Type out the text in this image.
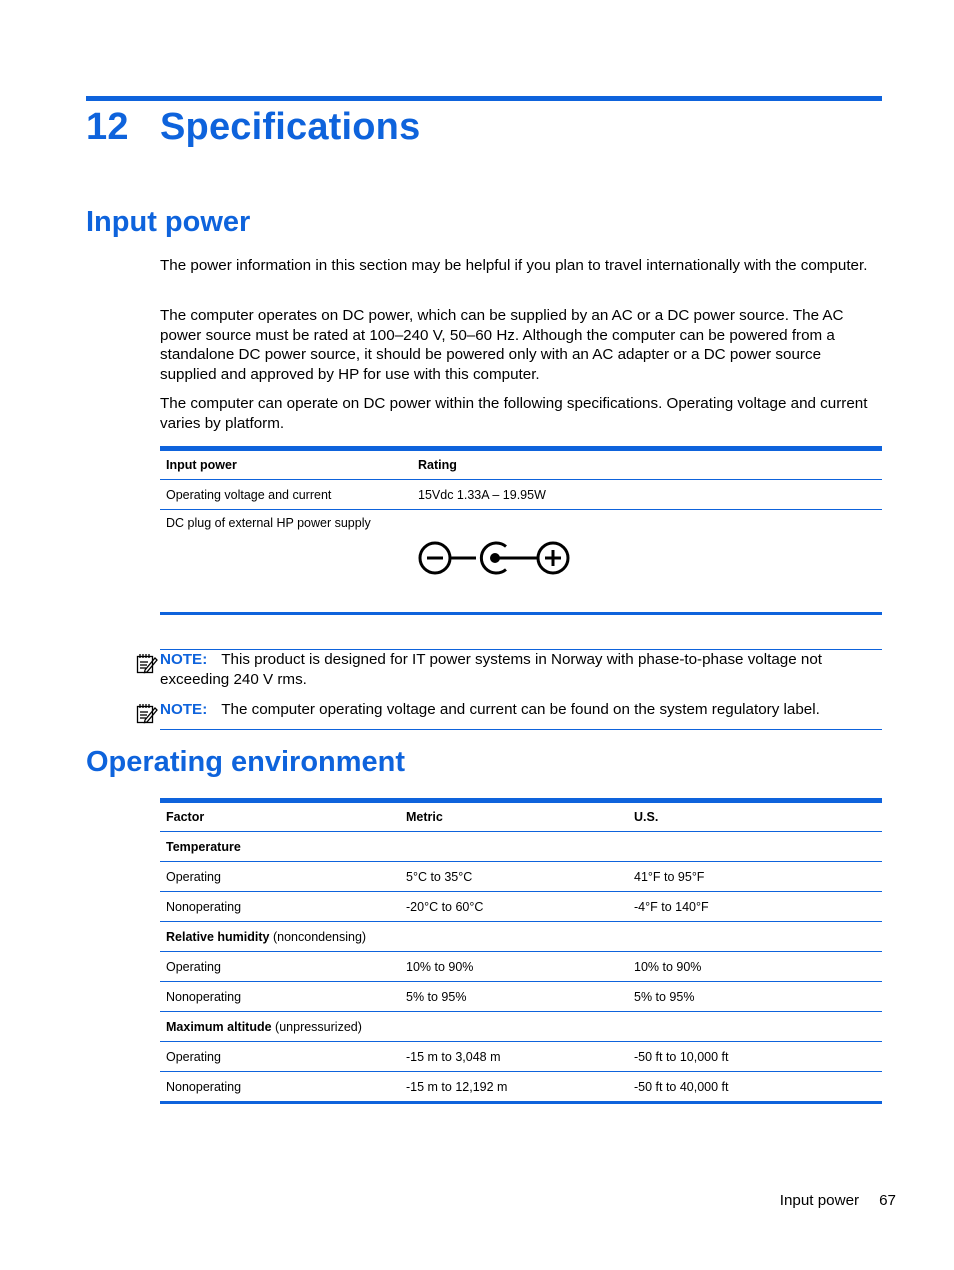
12 Specifications
Input power

The power information in this section may be helpful if you plan to travel internationally with the computer.

The computer operates on DC power, which can be supplied by an AC or a DC power source. The AC power source must be rated at 100–240 V, 50–60 Hz. Although the computer can be powered from a standalone DC power source, it should be powered only with an AC adapter or a DC power source supplied and approved by HP for use with this computer.

The computer can operate on DC power within the following specifications. Operating voltage and current varies by platform.

Input power	Rating
Operating voltage and current	15Vdc 1.33A – 19.95W
DC plug of external HP power supply	
NOTE: This product is designed for IT power systems in Norway with phase-to-phase voltage not exceeding 240 V rms.
NOTE: The computer operating voltage and current can be found on the system regulatory label.
Operating environment
Factor	Metric	U.S.
Temperature		
Operating	5°C to 35°C	41°F to 95°F
Nonoperating	-20°C to 60°C	-4°F to 140°F
Relative humidity (noncondensing)		
Operating	10% to 90%	10% to 90%
Nonoperating	5% to 95%	5% to 95%
Maximum altitude (unpressurized)		
Operating	-15 m to 3,048 m	-50 ft to 10,000 ft
Nonoperating	-15 m to 12,192 m	-50 ft to 40,000 ft
Input power 67
